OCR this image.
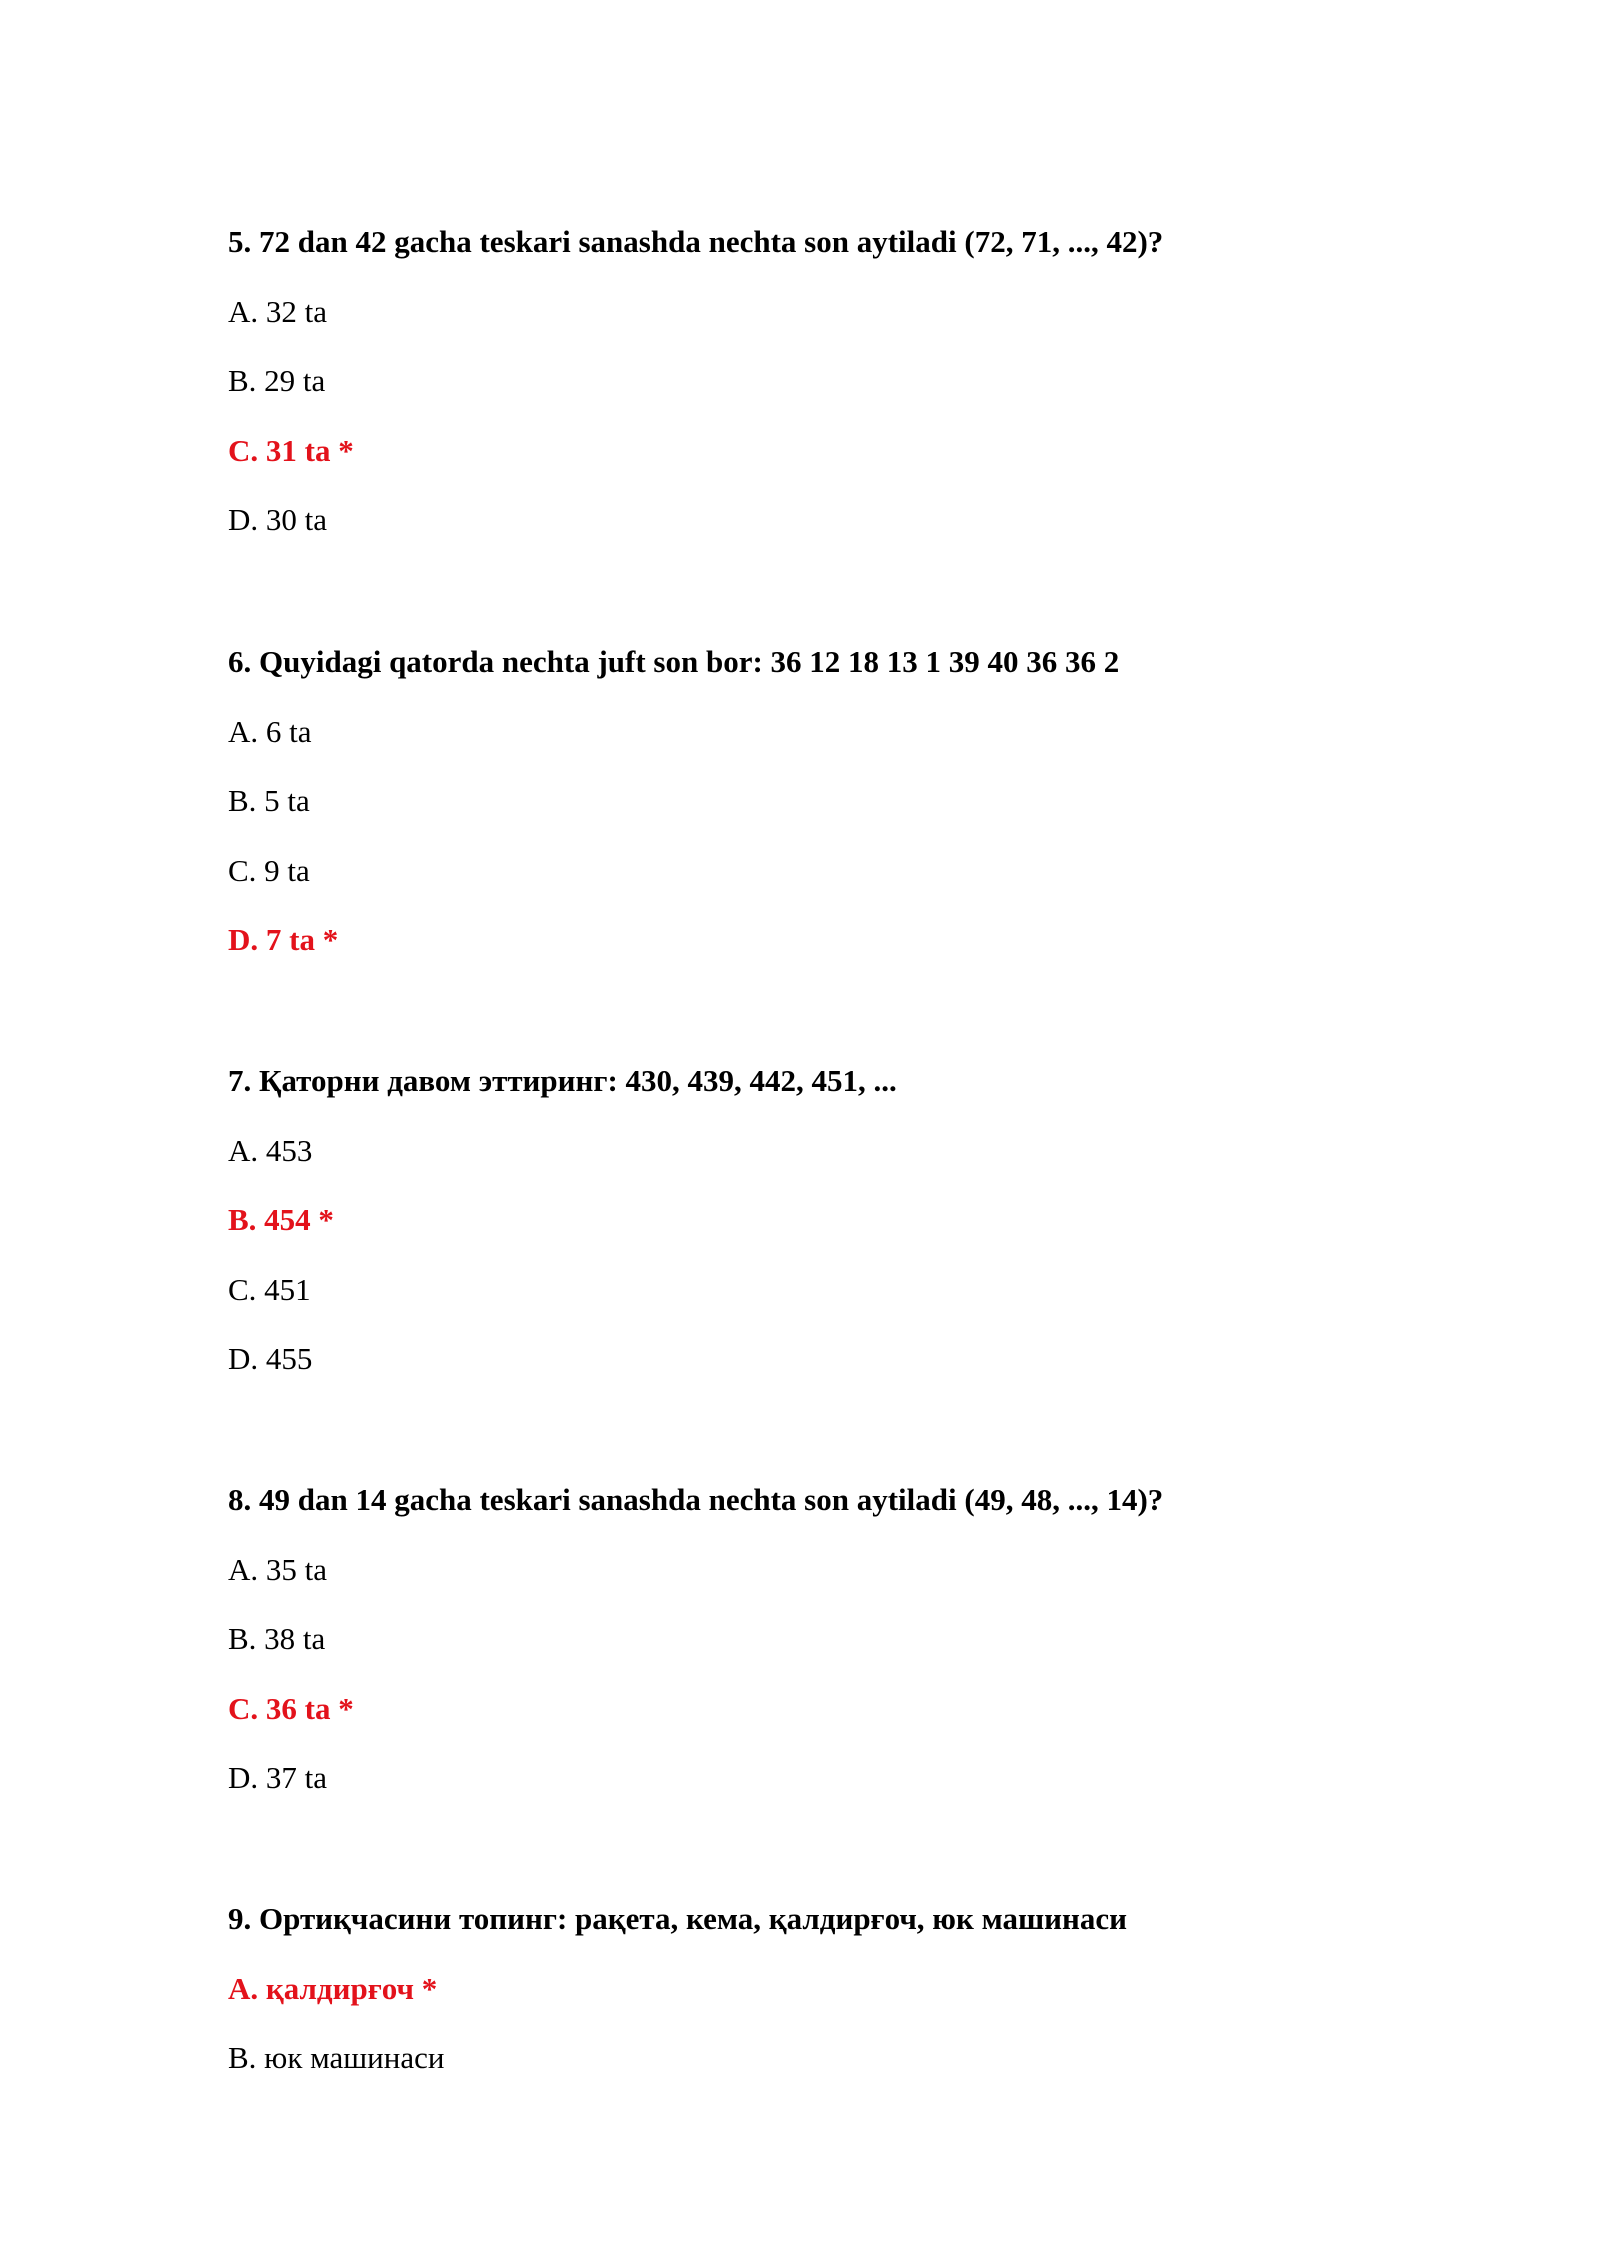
5. 72 dan 42 gacha teskari sanashda nechta son aytiladi (72, 71, ..., 42)?

A. 32 ta

B. 29 ta

C. 31 ta *

D. 30 ta

6. Quyidagi qatorda nechta juft son bor: 36 12 18 13 1 39 40 36 36 2

A. 6 ta

B. 5 ta

C. 9 ta

D. 7 ta *

7. Қаторни давом эттиринг: 430, 439, 442, 451, ...

A. 453

B. 454 *

C. 451

D. 455

8. 49 dan 14 gacha teskari sanashda nechta son aytiladi (49, 48, ..., 14)?

A. 35 ta

B. 38 ta

C. 36 ta *

D. 37 ta

9. Ортиқчасини топинг: рақета, кема, қалдирғоч, юк машинаси

A. қалдирғоч *

B. юк машинаси
